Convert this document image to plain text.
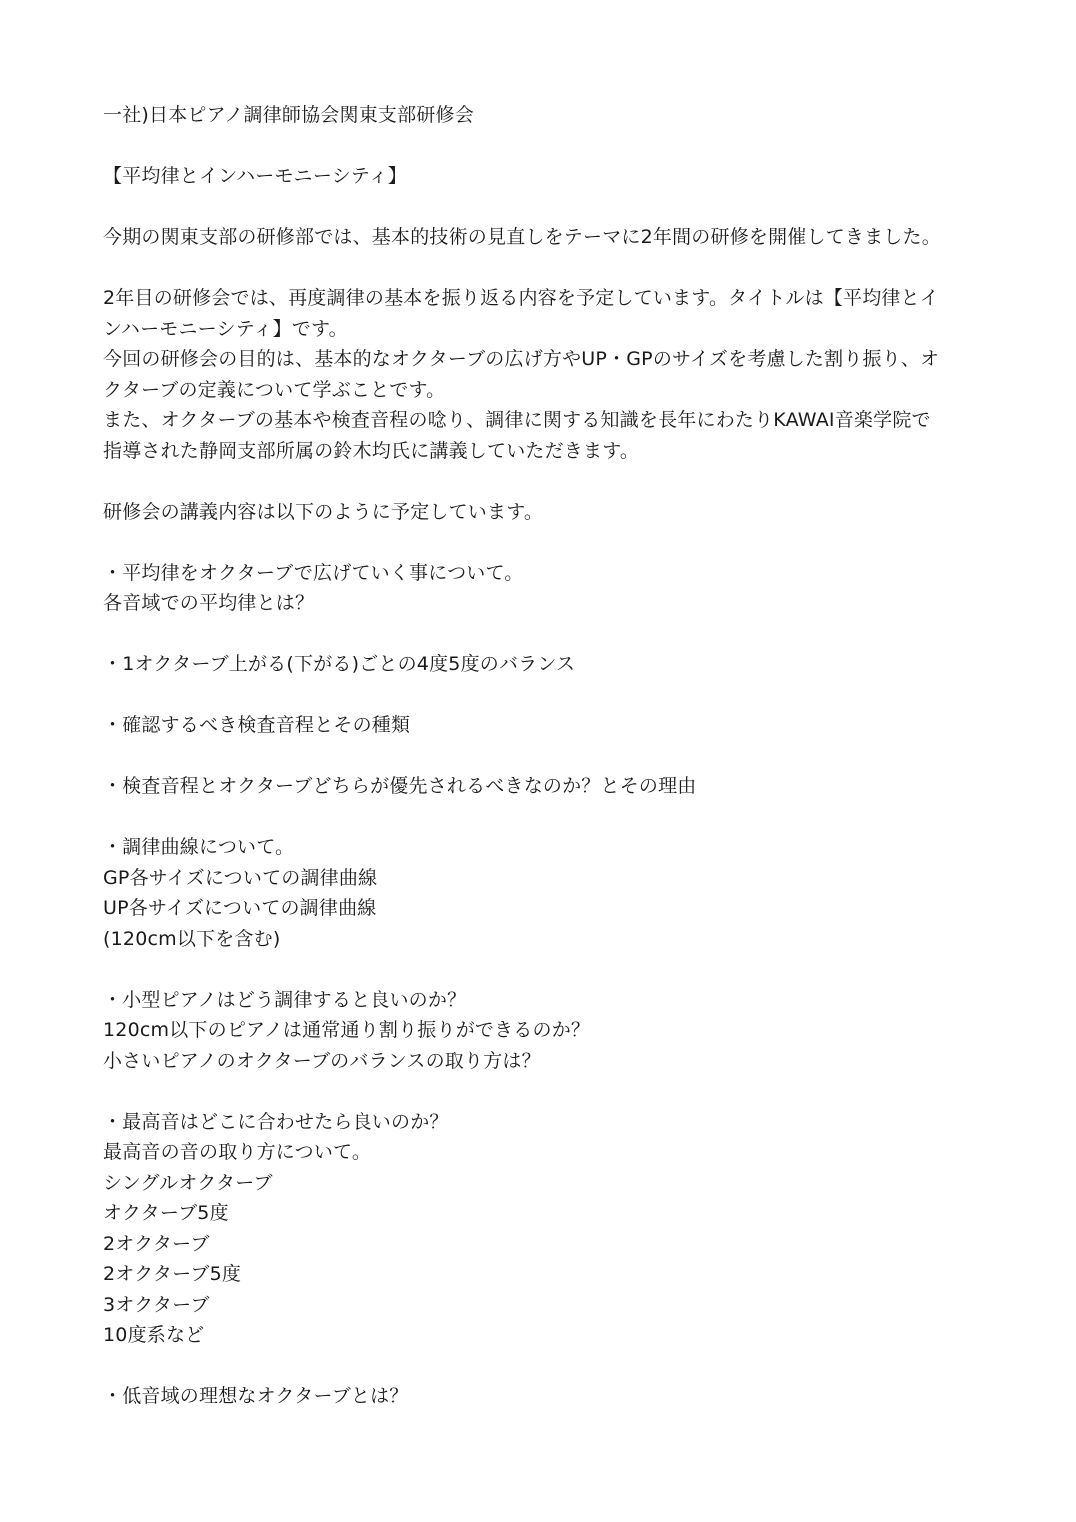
一社)日本ピアノ調律師協会関東支部研修会
【平均律とインハーモニーシティ】
今期の関東支部の研修部では、基本的技術の見直しをテーマに2年間の研修を開催してきました。
2年目の研修会では、再度調律の基本を振り返る内容を予定しています。タイトルは【平均律とイ
ンハーモニーシティ】です。
今回の研修会の目的は、基本的なオクターブの広げ方やUP・GPのサイズを考慮した割り振り、オ
クターブの定義について学ぶことです。
また、オクターブの基本や検査音程の唸り、調律に関する知識を長年にわたりKAWAI音楽学院で
指導された静岡支部所属の鈴木均氏に講義していただきます。
研修会の講義内容は以下のように予定しています。
・平均律をオクターブで広げていく事について。
各音域での平均律とは？
・1オクターブ上がる(下がる)ごとの4度5度のバランス
・確認するべき検査音程とその種類
・検査音程とオクターブどちらが優先されるべきなのか？とその理由
・調律曲線について。
GP各サイズについての調律曲線
UP各サイズについての調律曲線
(120cm以下を含む)
・小型ピアノはどう調律すると良いのか？
120cm以下のピアノは通常通り割り振りができるのか？
小さいピアノのオクターブのバランスの取り方は？
・最高音はどこに合わせたら良いのか？
最高音の音の取り方について。
シングルオクターブ
オクターブ5度
2オクターブ
2オクターブ5度
3オクターブ
10度系など
・低音域の理想なオクターブとは？
